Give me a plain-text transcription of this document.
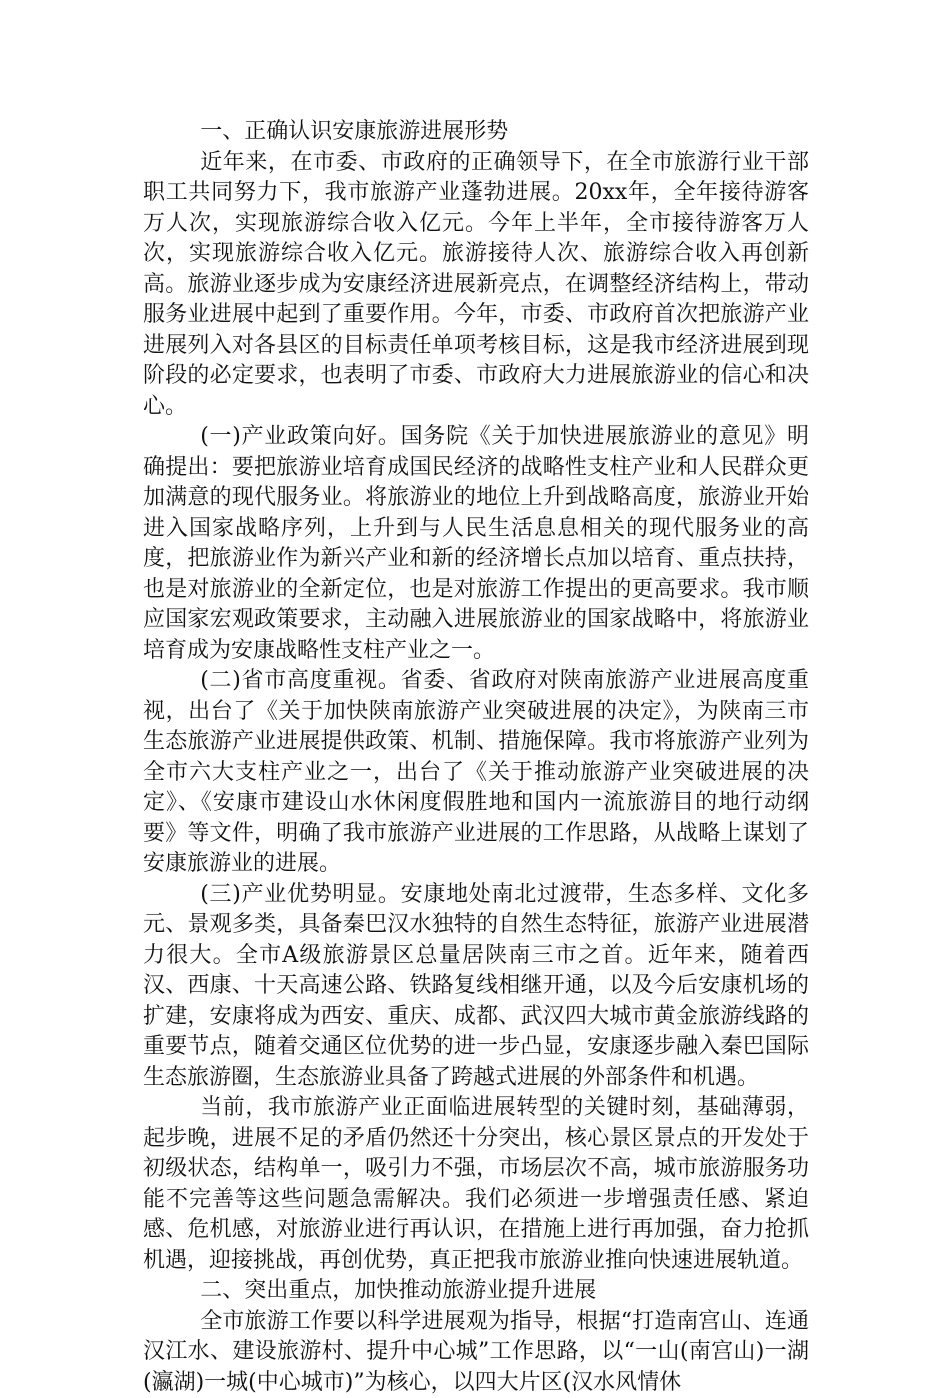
一、正确认识安康旅游进展形势

近年来，在市委、市政府的正确领导下，在全市旅游行业干部职工共同努力下，我市旅游产业蓬勃进展。20xx年，全年接待游客万人次，实现旅游综合收入亿元。今年上半年，全市接待游客万人次，实现旅游综合收入亿元。旅游接待人次、旅游综合收入再创新高。旅游业逐步成为安康经济进展新亮点，在调整经济结构上，带动服务业进展中起到了重要作用。今年，市委、市政府首次把旅游产业进展列入对各县区的目标责任单项考核目标，这是我市经济进展到现阶段的必定要求，也表明了市委、市政府大力进展旅游业的信心和决心。

(一)产业政策向好。国务院《关于加快进展旅游业的意见》明确提出：要把旅游业培育成国民经济的战略性支柱产业和人民群众更加满意的现代服务业。将旅游业的地位上升到战略高度，旅游业开始进入国家战略序列，上升到与人民生活息息相关的现代服务业的高度，把旅游业作为新兴产业和新的经济增长点加以培育、重点扶持，也是对旅游业的全新定位，也是对旅游工作提出的更高要求。我市顺应国家宏观政策要求，主动融入进展旅游业的国家战略中，将旅游业培育成为安康战略性支柱产业之一。

(二)省市高度重视。省委、省政府对陕南旅游产业进展高度重视，出台了《关于加快陕南旅游产业突破进展的决定》，为陕南三市生态旅游产业进展提供政策、机制、措施保障。我市将旅游产业列为全市六大支柱产业之一，出台了《关于推动旅游产业突破进展的决定》、《安康市建设山水休闲度假胜地和国内一流旅游目的地行动纲要》等文件，明确了我市旅游产业进展的工作思路，从战略上谋划了安康旅游业的进展。

(三)产业优势明显。安康地处南北过渡带，生态多样、文化多元、景观多类，具备秦巴汉水独特的自然生态特征，旅游产业进展潜力很大。全市A级旅游景区总量居陕南三市之首。近年来，随着西汉、西康、十天高速公路、铁路复线相继开通，以及今后安康机场的扩建，安康将成为西安、重庆、成都、武汉四大城市黄金旅游线路的重要节点，随着交通区位优势的进一步凸显，安康逐步融入秦巴国际生态旅游圈，生态旅游业具备了跨越式进展的外部条件和机遇。

当前，我市旅游产业正面临进展转型的关键时刻，基础薄弱，起步晚，进展不足的矛盾仍然还十分突出，核心景区景点的开发处于初级状态，结构单一，吸引力不强，市场层次不高，城市旅游服务功能不完善等这些问题急需解决。我们必须进一步增强责任感、紧迫感、危机感，对旅游业进行再认识，在措施上进行再加强，奋力抢抓机遇，迎接挑战，再创优势，真正把我市旅游业推向快速进展轨道。

二、突出重点，加快推动旅游业提升进展

全市旅游工作要以科学进展观为指导，根据“打造南宫山、连通汉江水、建设旅游村、提升中心城”工作思路，以“一山(南宫山)一湖(瀛湖)一城(中心城市)”为核心，以四大片区(汉水风情休
